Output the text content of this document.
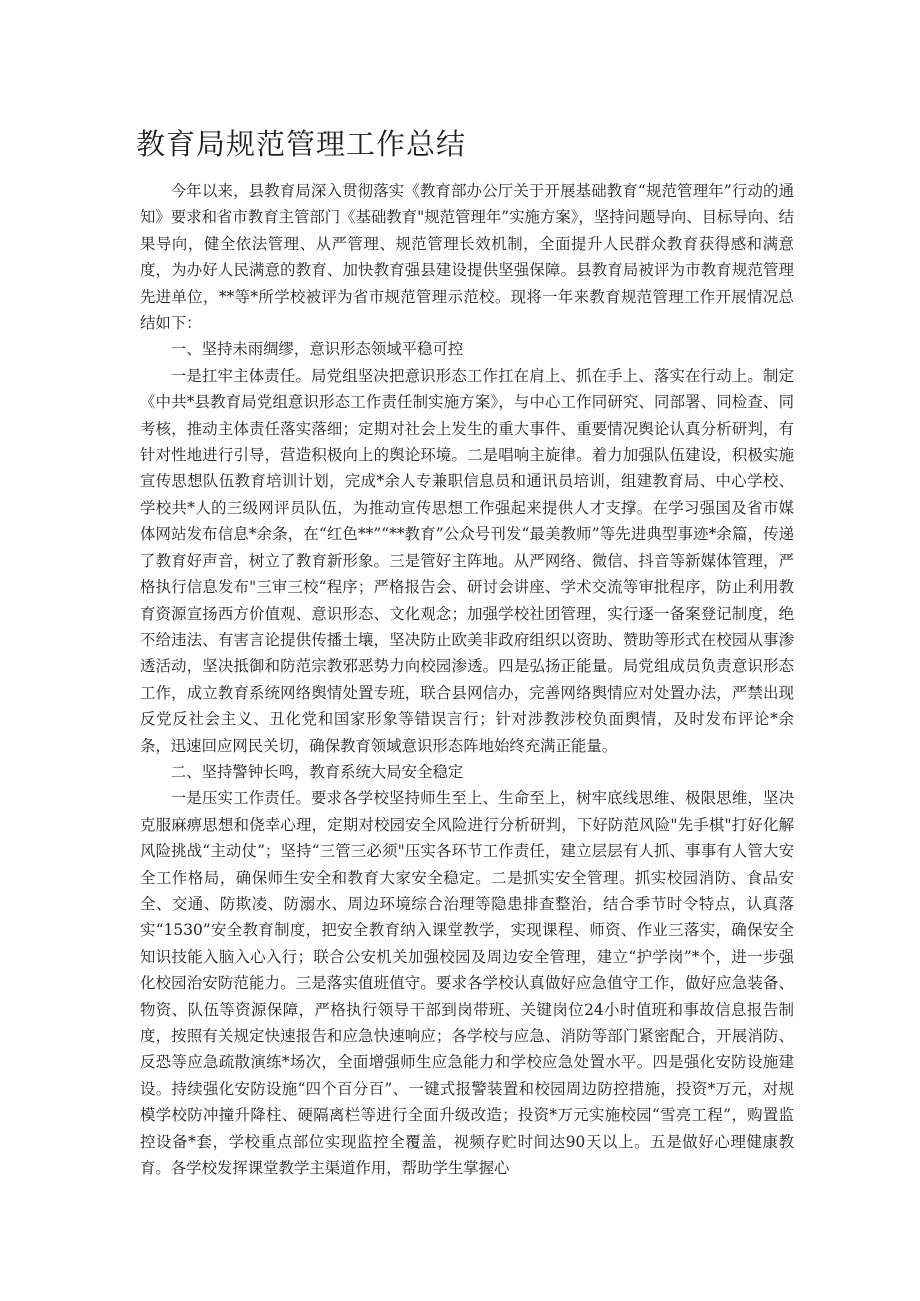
教育局规范管理工作总结

今年以来，县教育局深入贯彻落实《教育部办公厅关于开展基础教育“规范管理年”行动的通知》要求和省市教育主管部门《基础教育"规范管理年”实施方案》，坚持问题导向、目标导向、结果导向，健全依法管理、从严管理、规范管理长效机制，全面提升人民群众教育获得感和满意度，为办好人民满意的教育、加快教育强县建设提供坚强保障。县教育局被评为市教育规范管理先进单位，**等*所学校被评为省市规范管理示范校。现将一年来教育规范管理工作开展情况总结如下：

一、坚持未雨绸缪，意识形态领域平稳可控

一是扛牢主体责任。局党组坚决把意识形态工作扛在肩上、抓在手上、落实在行动上。制定《中共*县教育局党组意识形态工作责任制实施方案》，与中心工作同研究、同部署、同检查、同考核，推动主体责任落实落细；定期对社会上发生的重大事件、重要情况舆论认真分析研判，有针对性地进行引导，营造积极向上的舆论环境。二是唱响主旋律。着力加强队伍建设，积极实施宣传思想队伍教育培训计划，完成*余人专兼职信息员和通讯员培训，组建教育局、中心学校、学校共*人的三级网评员队伍，为推动宣传思想工作强起来提供人才支撑。在学习强国及省市媒体网站发布信息*余条，在“红色**”“**教育”公众号刊发“最美教师”等先进典型事迹*余篇，传递了教育好声音，树立了教育新形象。三是管好主阵地。从严网络、微信、抖音等新媒体管理，严格执行信息发布"三审三校“程序；严格报告会、研讨会讲座、学术交流等审批程序，防止利用教育资源宣扬西方价值观、意识形态、文化观念；加强学校社团管理，实行逐一备案登记制度，绝不给违法、有害言论提供传播土壤，坚决防止欧美非政府组织以资助、赞助等形式在校园从事渗透活动，坚决抵御和防范宗教邪恶势力向校园渗透。四是弘扬正能量。局党组成员负责意识形态工作，成立教育系统网络舆情处置专班，联合县网信办，完善网络舆情应对处置办法，严禁出现反党反社会主义、丑化党和国家形象等错误言行；针对涉教涉校负面舆情，及时发布评论*余条，迅速回应网民关切，确保教育领域意识形态阵地始终充满正能量。

二、坚持警钟长鸣，教育系统大局安全稳定

一是压实工作责任。要求各学校坚持师生至上、生命至上，树牢底线思维、极限思维，坚决克服麻痹思想和侥幸心理，定期对校园安全风险进行分析研判，下好防范风险"先手棋"打好化解风险挑战“主动仗”；坚持“三管三必须"压实各环节工作责任，建立层层有人抓、事事有人管大安全工作格局，确保师生安全和教育大家安全稳定。二是抓实安全管理。抓实校园消防、食品安全、交通、防欺凌、防溺水、周边环境综合治理等隐患排查整治，结合季节时令特点，认真落实“1530”安全教育制度，把安全教育纳入课堂教学，实现课程、师资、作业三落实，确保安全知识技能入脑入心入行；联合公安机关加强校园及周边安全管理，建立“护学岗”*个，进一步强化校园治安防范能力。三是落实值班值守。要求各学校认真做好应急值守工作，做好应急装备、物资、队伍等资源保障，严格执行领导干部到岗带班、关键岗位24小时值班和事故信息报告制度，按照有关规定快速报告和应急快速响应；各学校与应急、消防等部门紧密配合，开展消防、反恐等应急疏散演练*场次，全面增强师生应急能力和学校应急处置水平。四是强化安防设施建设。持续强化安防设施“四个百分百”、一键式报警装置和校园周边防控措施，投资*万元，对规模学校防冲撞升降柱、硬隔离栏等进行全面升级改造；投资*万元实施校园“雪亮工程”，购置监控设备*套，学校重点部位实现监控全覆盖，视频存贮时间达90天以上。五是做好心理健康教育。各学校发挥课堂教学主渠道作用，帮助学生掌握心
